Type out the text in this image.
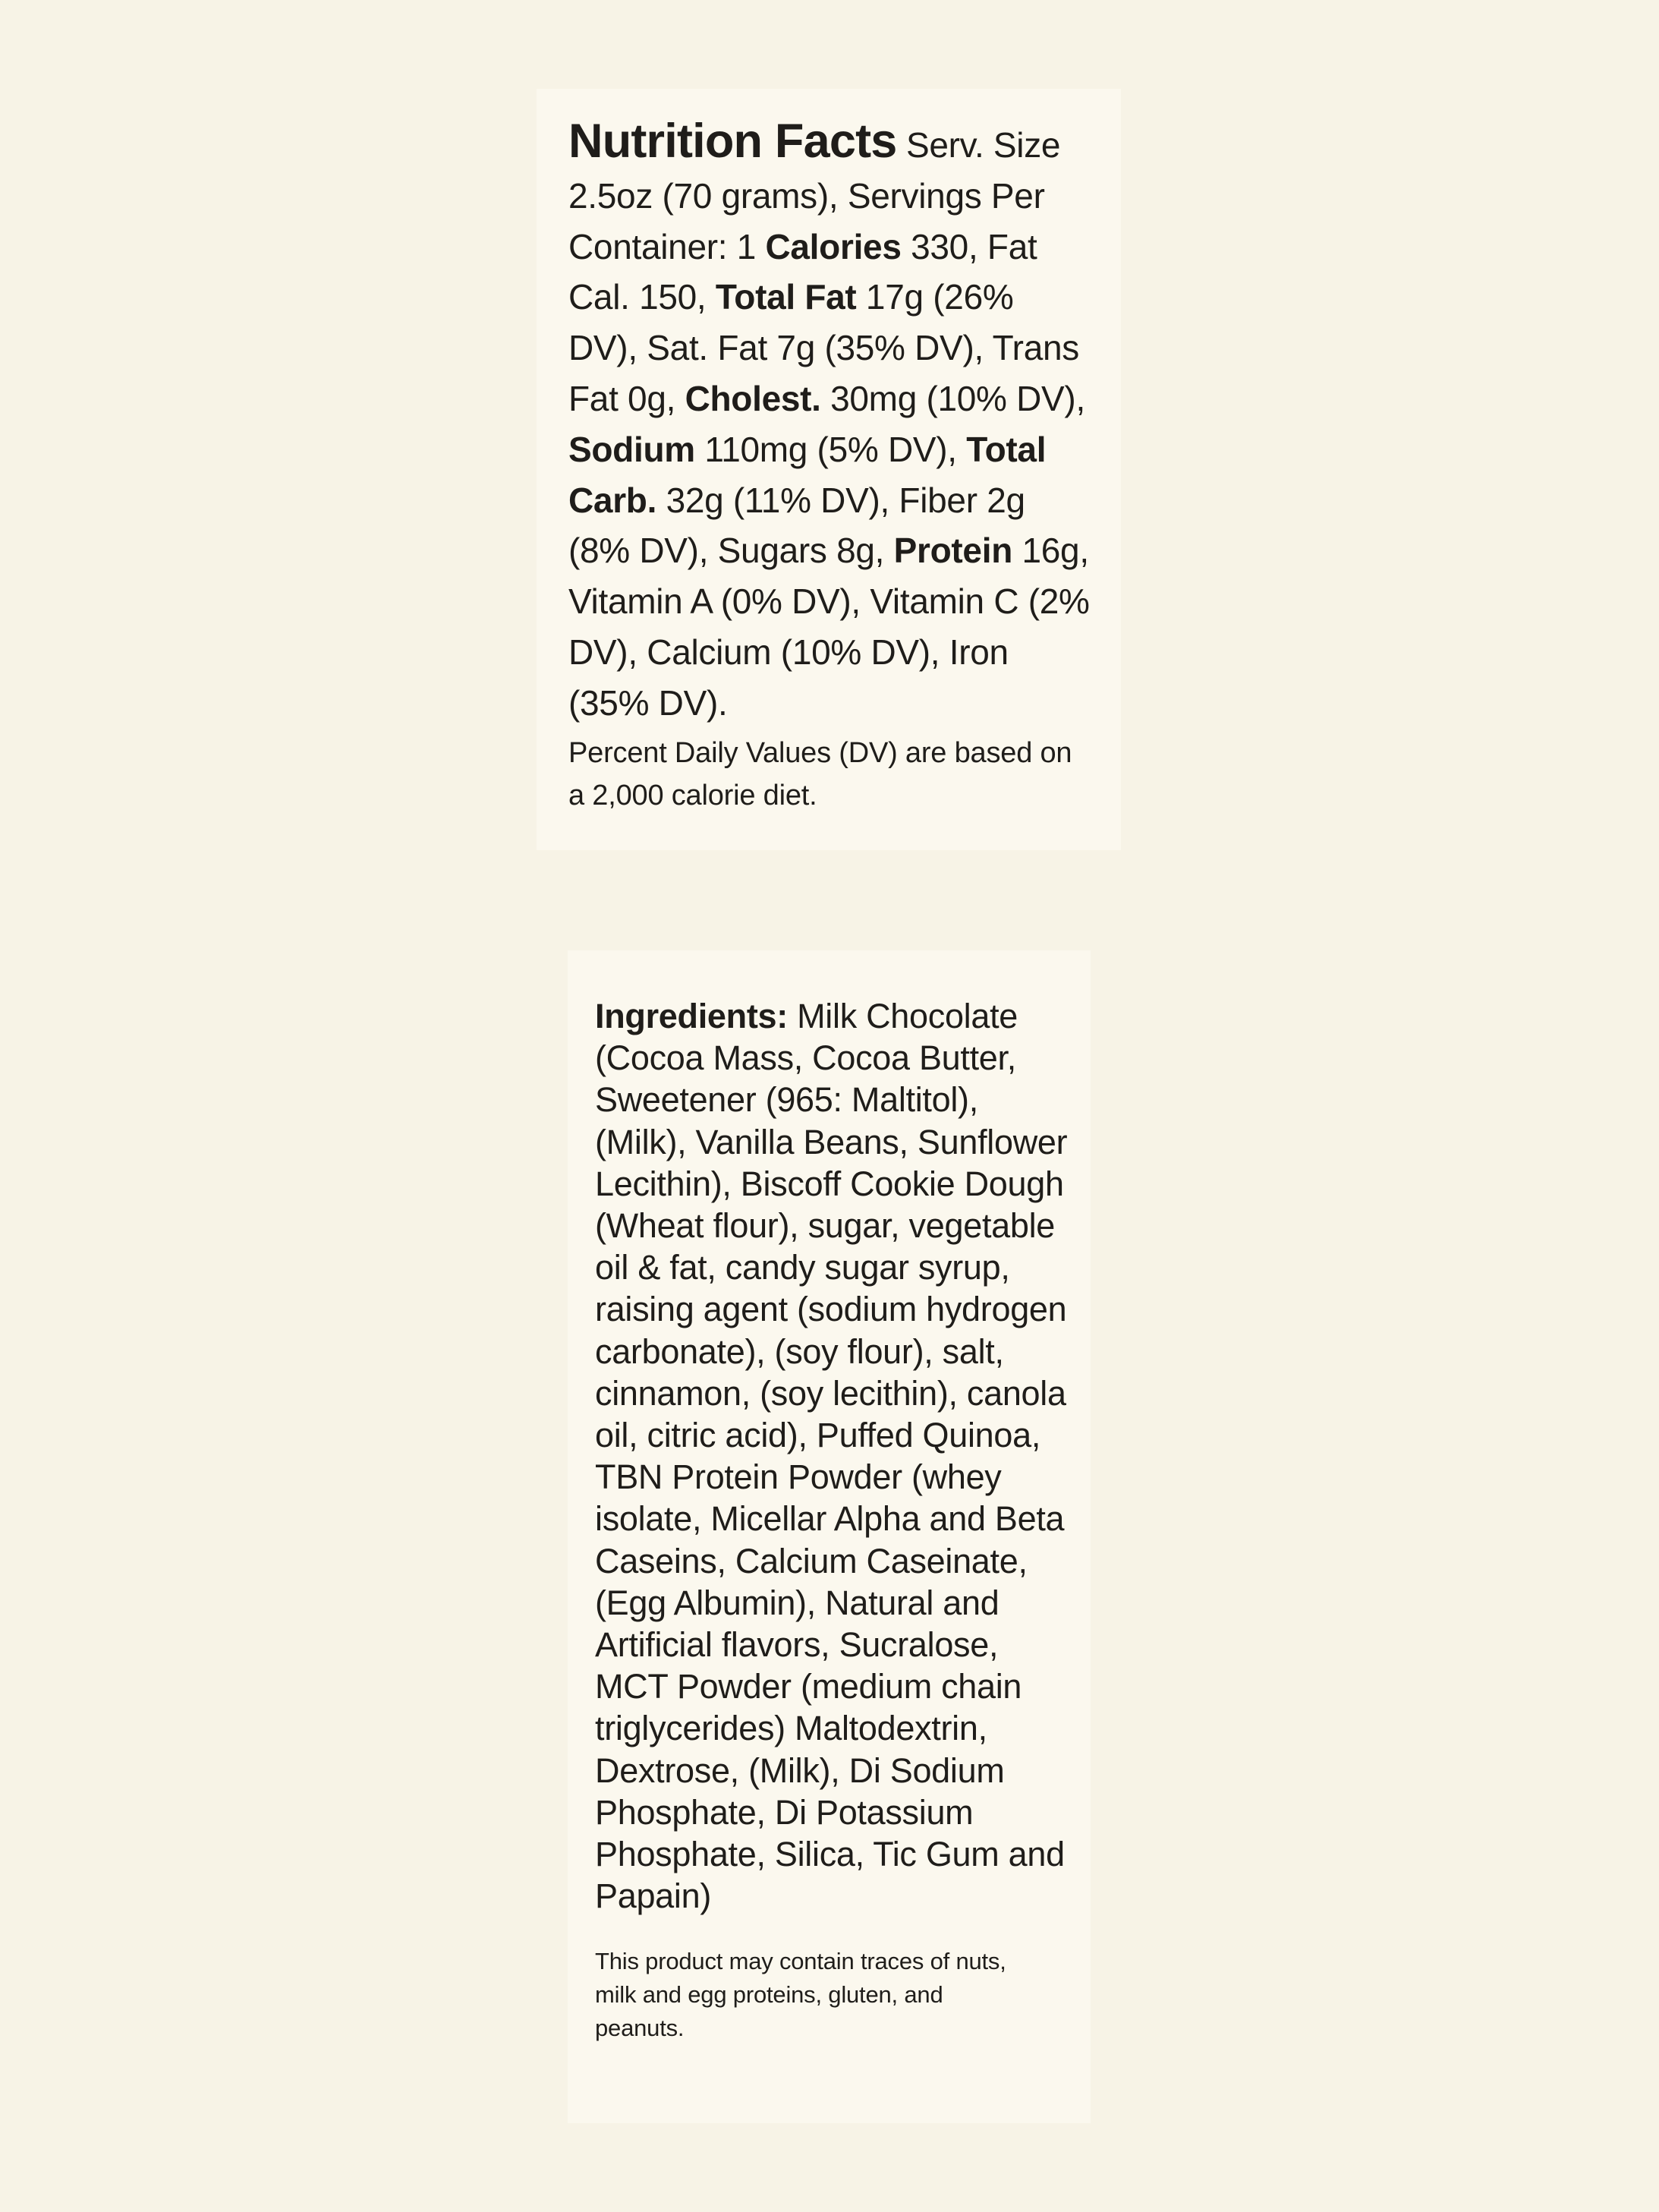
Nutrition Facts Serv. Size 2.5oz (70 grams), Servings Per Container: 1 Calories 330, Fat Cal. 150, Total Fat 17g (26% DV), Sat. Fat 7g (35% DV), Trans Fat 0g, Cholest. 30mg (10% DV), Sodium 110mg (5% DV), Total Carb. 32g (11% DV), Fiber 2g (8% DV), Sugars 8g, Protein 16g, Vitamin A (0% DV), Vitamin C (2% DV), Calcium (10% DV), Iron (35% DV).

Percent Daily Values (DV) are based on a 2,000 calorie diet.

Ingredients: Milk Chocolate (Cocoa Mass, Cocoa Butter, Sweetener (965: Maltitol), (Milk), Vanilla Beans, Sunflower Lecithin), Biscoff Cookie Dough (Wheat flour), sugar, vegetable oil & fat, candy sugar syrup, raising agent (sodium hydrogen carbonate), (soy flour), salt, cinnamon, (soy lecithin), canola oil, citric acid), Puffed Quinoa, TBN Protein Powder (whey isolate, Micellar Alpha and Beta Caseins, Calcium Caseinate, (Egg Albumin), Natural and Artificial flavors, Sucralose, MCT Powder (medium chain triglycerides) Maltodextrin, Dextrose, (Milk), Di Sodium Phosphate, Di Potassium Phosphate, Silica, Tic Gum and Papain)

This product may contain traces of nuts, milk and egg proteins, gluten, and peanuts.
